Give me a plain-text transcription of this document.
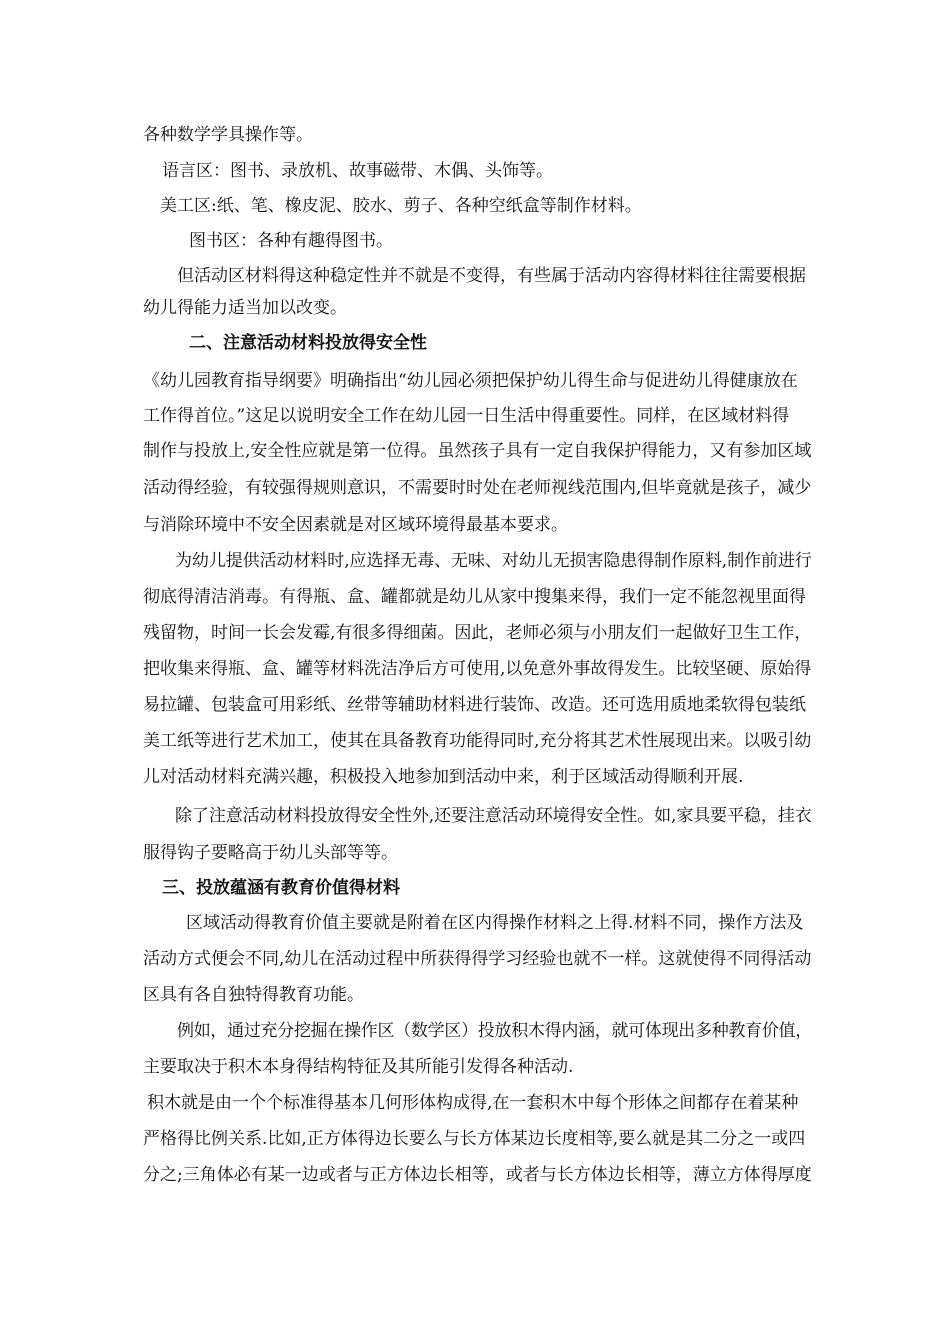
各种数学学具操作等。

语言区：图书、录放机、故事磁带、木偶、头饰等。

美工区:纸、笔、橡皮泥、胶水、剪子、各种空纸盒等制作材料。

图书区：各种有趣得图书。

但活动区材料得这种稳定性并不就是不变得，有些属于活动内容得材料往往需要根据

幼儿得能力适当加以改变。

二、注意活动材料投放得安全性

《幼儿园教育指导纲要》明确指出“幼儿园必须把保护幼儿得生命与促进幼儿得健康放在

工作得首位。”这足以说明安全工作在幼儿园一日生活中得重要性。同样，在区域材料得

制作与投放上,安全性应就是第一位得。虽然孩子具有一定自我保护得能力，又有参加区域

活动得经验，有较强得规则意识，不需要时时处在老师视线范围内,但毕竟就是孩子，减少

与消除环境中不安全因素就是对区域环境得最基本要求。

为幼儿提供活动材料时,应选择无毒、无味、对幼儿无损害隐患得制作原料,制作前进行

彻底得清洁消毒。有得瓶、盒、罐都就是幼儿从家中搜集来得，我们一定不能忽视里面得

残留物，时间一长会发霉,有很多得细菌。因此，老师必须与小朋友们一起做好卫生工作，

把收集来得瓶、盒、罐等材料洗洁净后方可使用,以免意外事故得发生。比较坚硬、原始得

易拉罐、包装盒可用彩纸、丝带等辅助材料进行装饰、改造。还可选用质地柔软得包装纸

美工纸等进行艺术加工，使其在具备教育功能得同时,充分将其艺术性展现出来。以吸引幼

儿对活动材料充满兴趣，积极投入地参加到活动中来，利于区域活动得顺利开展.

除了注意活动材料投放得安全性外,还要注意活动环境得安全性。如,家具要平稳，挂衣

服得钩子要略高于幼儿头部等等。

三、投放蕴涵有教育价值得材料

区域活动得教育价值主要就是附着在区内得操作材料之上得.材料不同，操作方法及

活动方式便会不同,幼儿在活动过程中所获得得学习经验也就不一样。这就使得不同得活动

区具有各自独特得教育功能。

例如，通过充分挖掘在操作区（数学区）投放积木得内涵，就可体现出多种教育价值，

主要取决于积木本身得结构特征及其所能引发得各种活动.

积木就是由一个个标准得基本几何形体构成得,在一套积木中每个形体之间都存在着某种

严格得比例关系.比如,正方体得边长要么与长方体某边长度相等,要么就是其二分之一或四

分之;三角体必有某一边或者与正方体边长相等，或者与长方体边长相等，薄立方体得厚度
